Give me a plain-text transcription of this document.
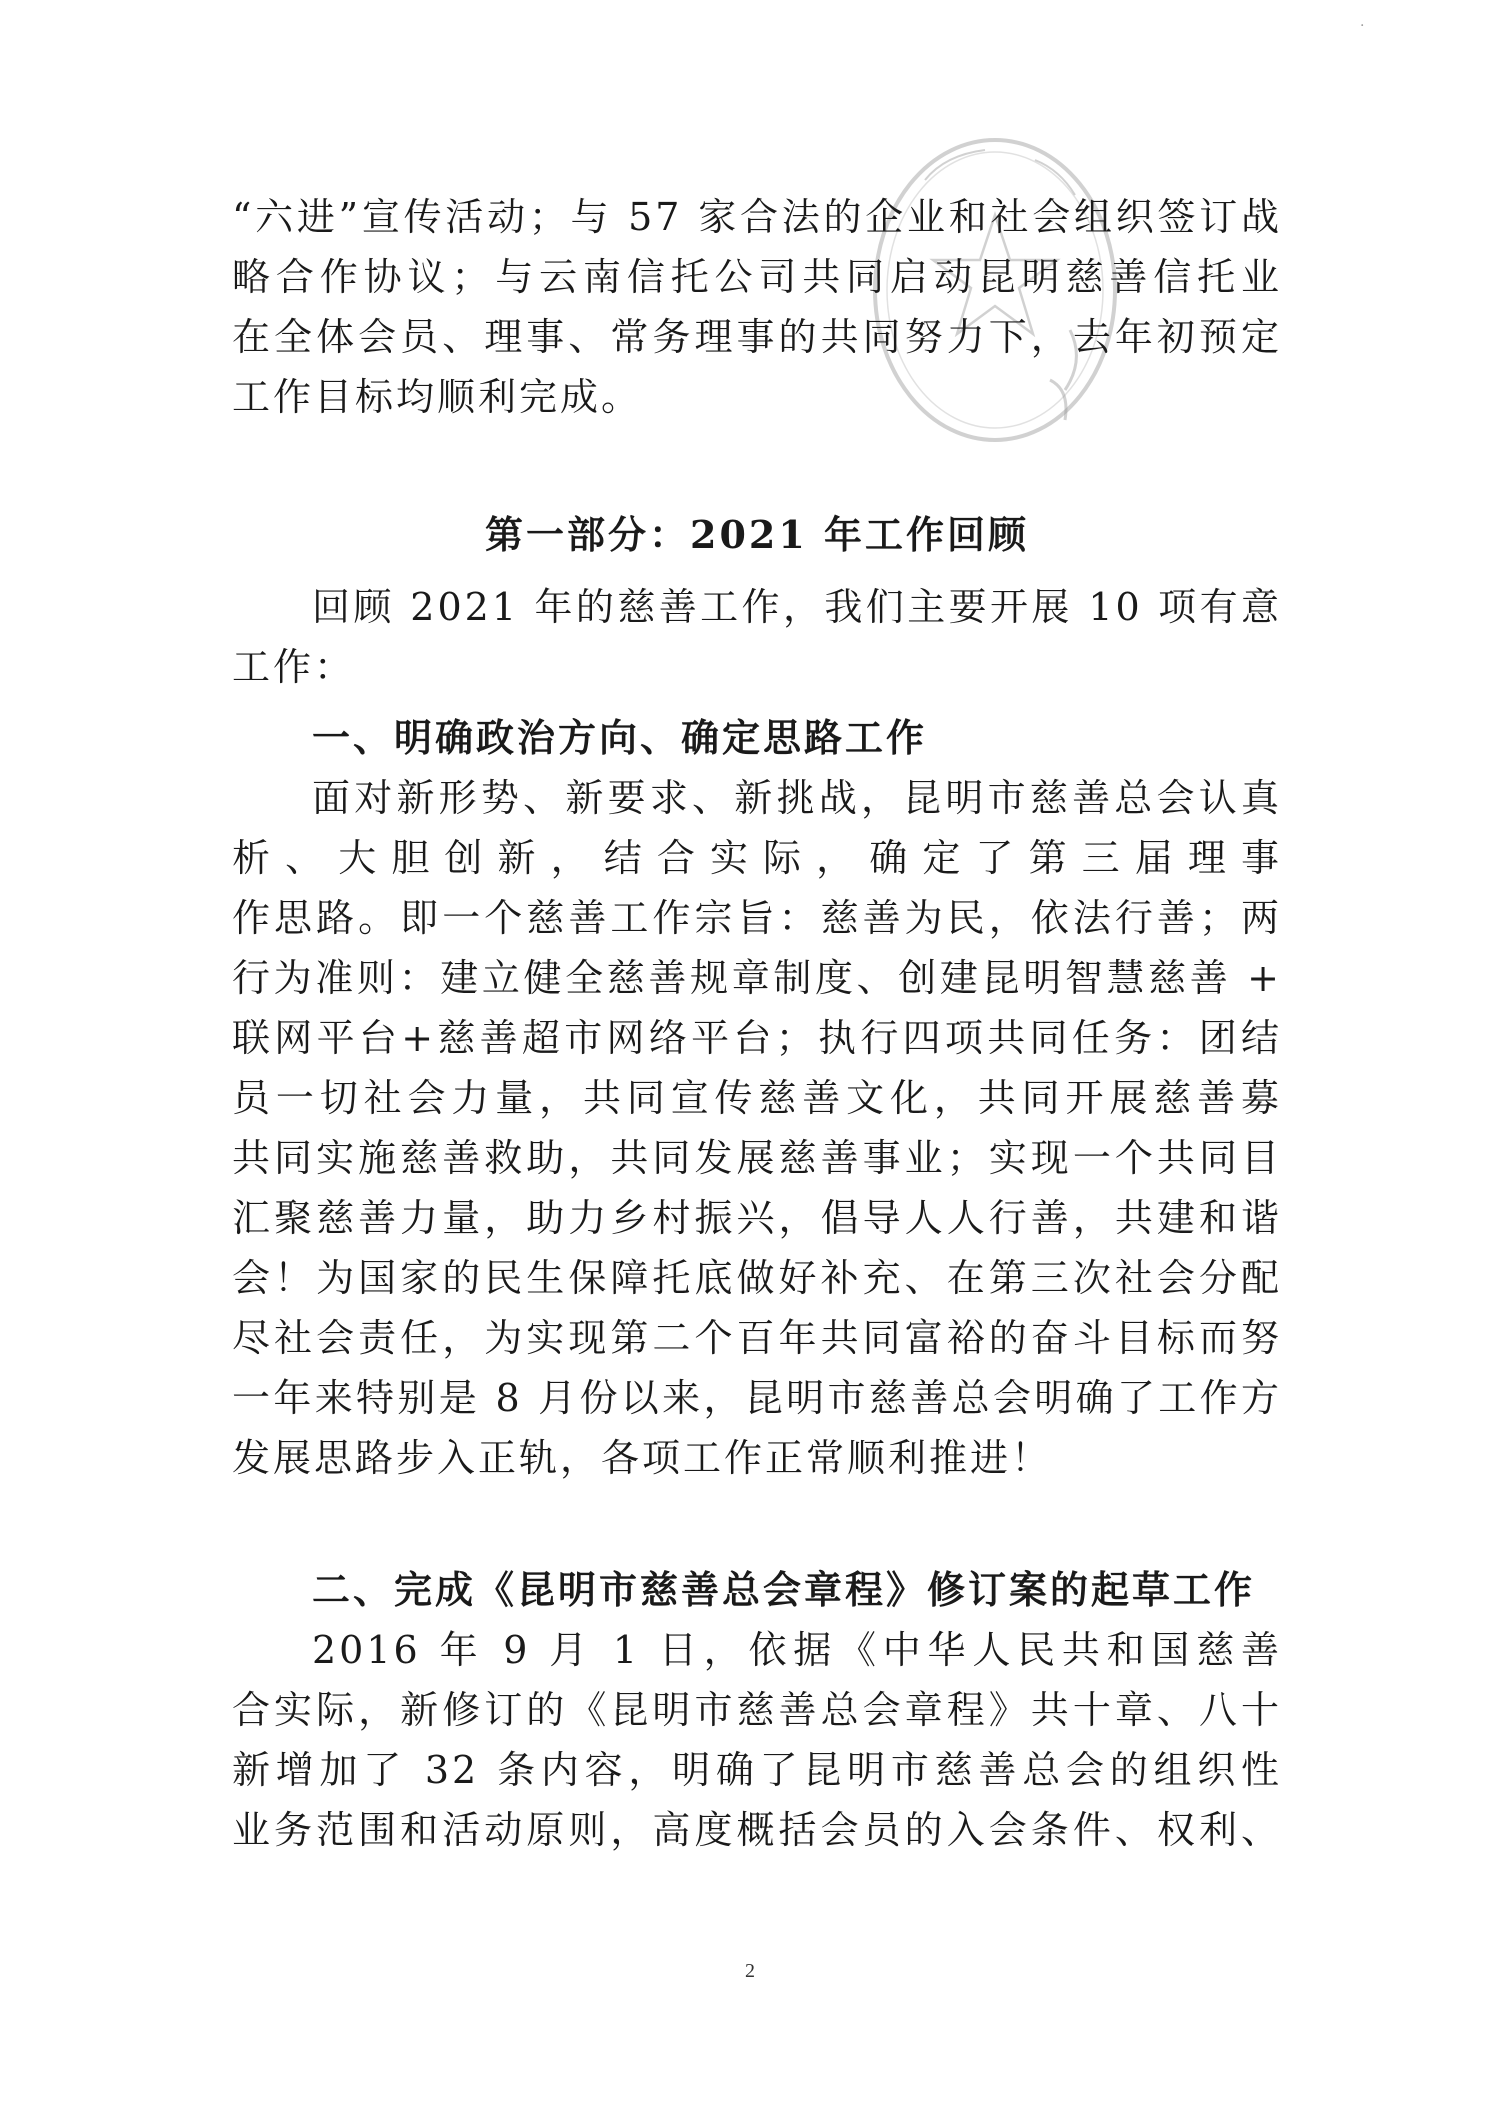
·
“六进”宣传活动；与 57 家合法的企业和社会组织签订战
略合作协议；与云南信托公司共同启动昆明慈善信托业
在全体会员、理事、常务理事的共同努力下，去年初预定
工作目标均顺利完成。
第一部分：2021 年工作回顾
回顾 2021 年的慈善工作，我们主要开展 10 项有意
工作：
一、明确政治方向、确定思路工作
面对新形势、新要求、新挑战，昆明市慈善总会认真
析、大胆创新，结合实际，确定了第三届理事
作思路。即一个慈善工作宗旨：慈善为民，依法行善；两
行为准则：建立健全慈善规章制度、创建昆明智慧慈善 +
联网平台+慈善超市网络平台；执行四项共同任务：团结
员一切社会力量，共同宣传慈善文化，共同开展慈善募
共同实施慈善救助，共同发展慈善事业；实现一个共同目
汇聚慈善力量，助力乡村振兴，倡导人人行善，共建和谐
会！为国家的民生保障托底做好补充、在第三次社会分配
尽社会责任，为实现第二个百年共同富裕的奋斗目标而努
一年来特别是 8 月份以来，昆明市慈善总会明确了工作方
发展思路步入正轨，各项工作正常顺利推进！
二、完成《昆明市慈善总会章程》修订案的起草工作
2016 年 9 月 1 日，依据《中华人民共和国慈善
合实际，新修订的《昆明市慈善总会章程》共十章、八十
新增加了 32 条内容，明确了昆明市慈善总会的组织性
业务范围和活动原则，高度概括会员的入会条件、权利、
2
